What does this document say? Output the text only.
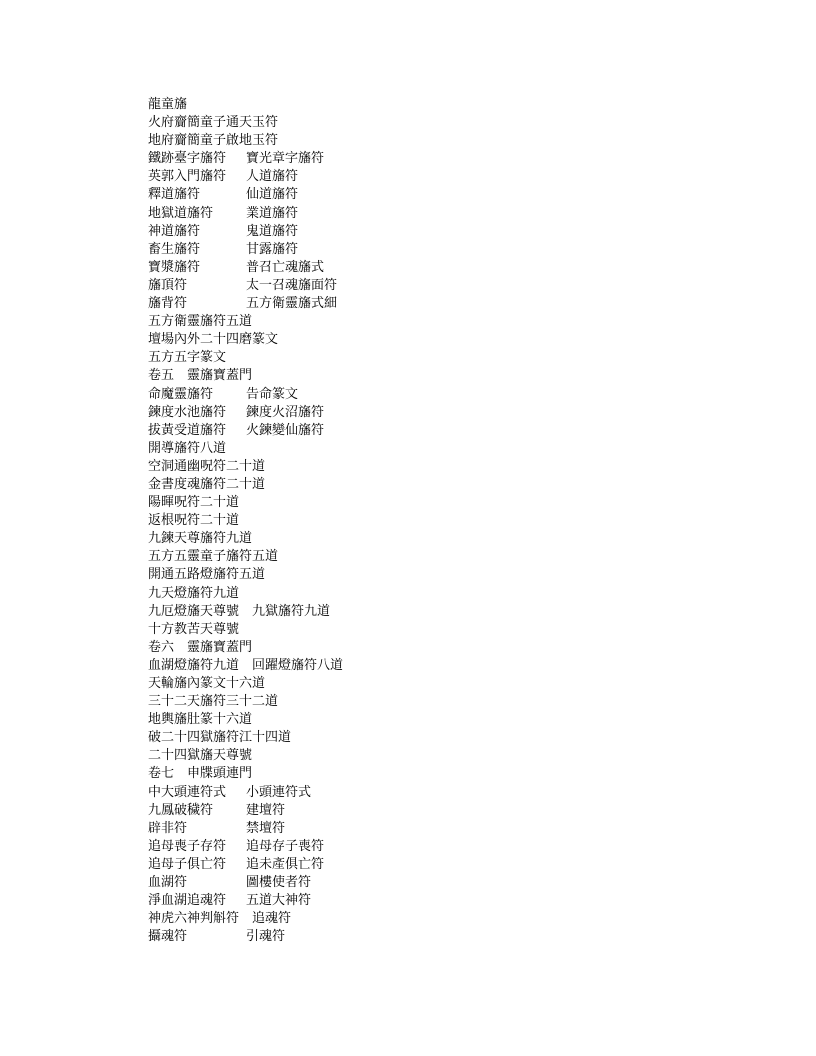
龍童旛
火府齎簡童子通天玉符
地府齎簡童子啟地玉符
鐵跡臺字旛符	寶光章字旛符
英郭入門旛符	人道旛符
釋道旛符	仙道旛符
地獄道旛符	業道旛符
神道旛符	鬼道旛符
畜生旛符	甘露旛符
寶漿旛符	普召亡魂旛式
旛頂符	太一召魂旛面符
旛背符	五方衛靈旛式細
五方衛靈旛符五道
壇場內外二十四磨篆文
五方五字篆文
卷五　靈旛寶蓋門
命魔靈旛符	告命篆文
鍊度水池旛符	鍊度火沼旛符
拔黃受道旛符	火鍊變仙旛符
開導旛符八道
空洞通幽呪符二十道
金書度魂旛符二十道
陽暉呪符二十道
返根呪符二十道
九鍊天尊旛符九道
五方五靈童子旛符五道
開通五路燈旛符五道
九天燈旛符九道
九厄燈旛天尊號　九獄旛符九道
十方教苦天尊號
卷六　靈旛寶蓋門
血湖燈旛符九道　回躍燈旛符八道
天輪旛內篆文十六道
三十二天旛符三十二道
地輿旛肚篆十六道
破二十四獄旛符江十四道
二十四獄旛天尊號
卷七　申牒頭連門
中大頭連符式	小頭連符式
九鳳破穢符	建壇符
辟非符	禁壇符
追母喪子存符	追母存子喪符
追母子俱亡符	追未產俱亡符
血湖符	圖樓使者符
淨血湖追魂符	五道大神符
神虎六神判斛符　追魂符
攝魂符	引魂符
